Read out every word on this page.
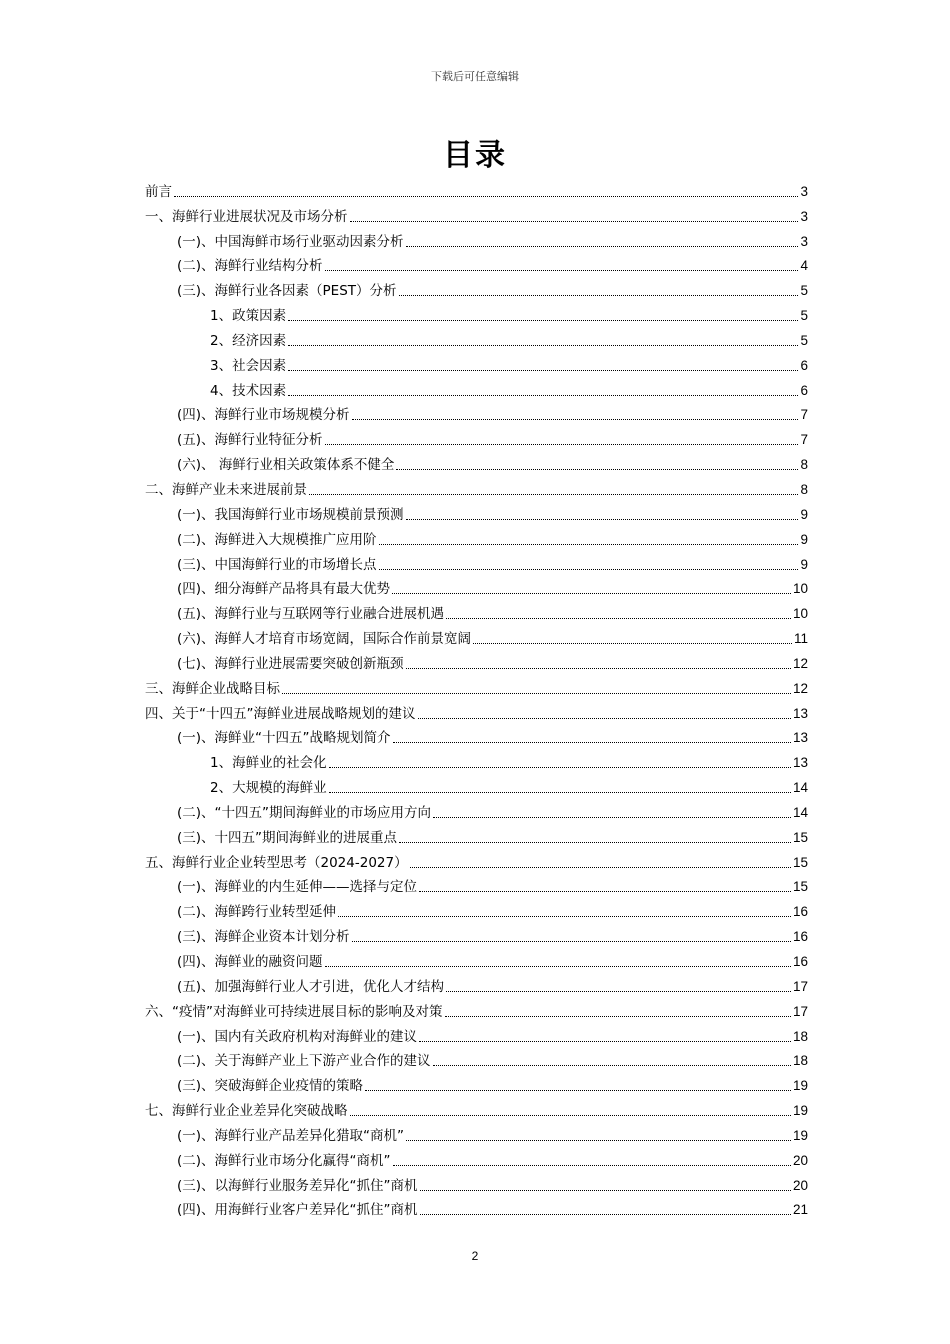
下载后可任意编辑
目录
前言	3
一、海鲜行业进展状况及市场分析	3
(一)、中国海鲜市场行业驱动因素分析	3
(二)、海鲜行业结构分析	4
(三)、海鲜行业各因素（PEST）分析	5
1、政策因素	5
2、经济因素	5
3、社会因素	6
4、技术因素	6
(四)、海鲜行业市场规模分析	7
(五)、海鲜行业特征分析	7
(六)、 海鲜行业相关政策体系不健全	8
二、海鲜产业未来进展前景	8
(一)、我国海鲜行业市场规模前景预测	9
(二)、海鲜进入大规模推广应用阶	9
(三)、中国海鲜行业的市场增长点	9
(四)、细分海鲜产品将具有最大优势	10
(五)、海鲜行业与互联网等行业融合进展机遇	10
(六)、海鲜人才培育市场宽阔，国际合作前景宽阔	11
(七)、海鲜行业进展需要突破创新瓶颈	12
三、海鲜企业战略目标	12
四、关于“十四五”海鲜业进展战略规划的建议	13
(一)、海鲜业“十四五”战略规划简介	13
1、海鲜业的社会化	13
2、大规模的海鲜业	14
(二)、“十四五”期间海鲜业的市场应用方向	14
(三)、十四五”期间海鲜业的进展重点	15
五、海鲜行业企业转型思考（2024-2027）	15
(一)、海鲜业的内生延伸——选择与定位	15
(二)、海鲜跨行业转型延伸	16
(三)、海鲜企业资本计划分析	16
(四)、海鲜业的融资问题	16
(五)、加强海鲜行业人才引进，优化人才结构	17
六、“疫情”对海鲜业可持续进展目标的影响及对策	17
(一)、国内有关政府机构对海鲜业的建议	18
(二)、关于海鲜产业上下游产业合作的建议	18
(三)、突破海鲜企业疫情的策略	19
七、海鲜行业企业差异化突破战略	19
(一)、海鲜行业产品差异化猎取“商机”	19
(二)、海鲜行业市场分化赢得“商机”	20
(三)、以海鲜行业服务差异化“抓住”商机	20
(四)、用海鲜行业客户差异化“抓住”商机	21
2
